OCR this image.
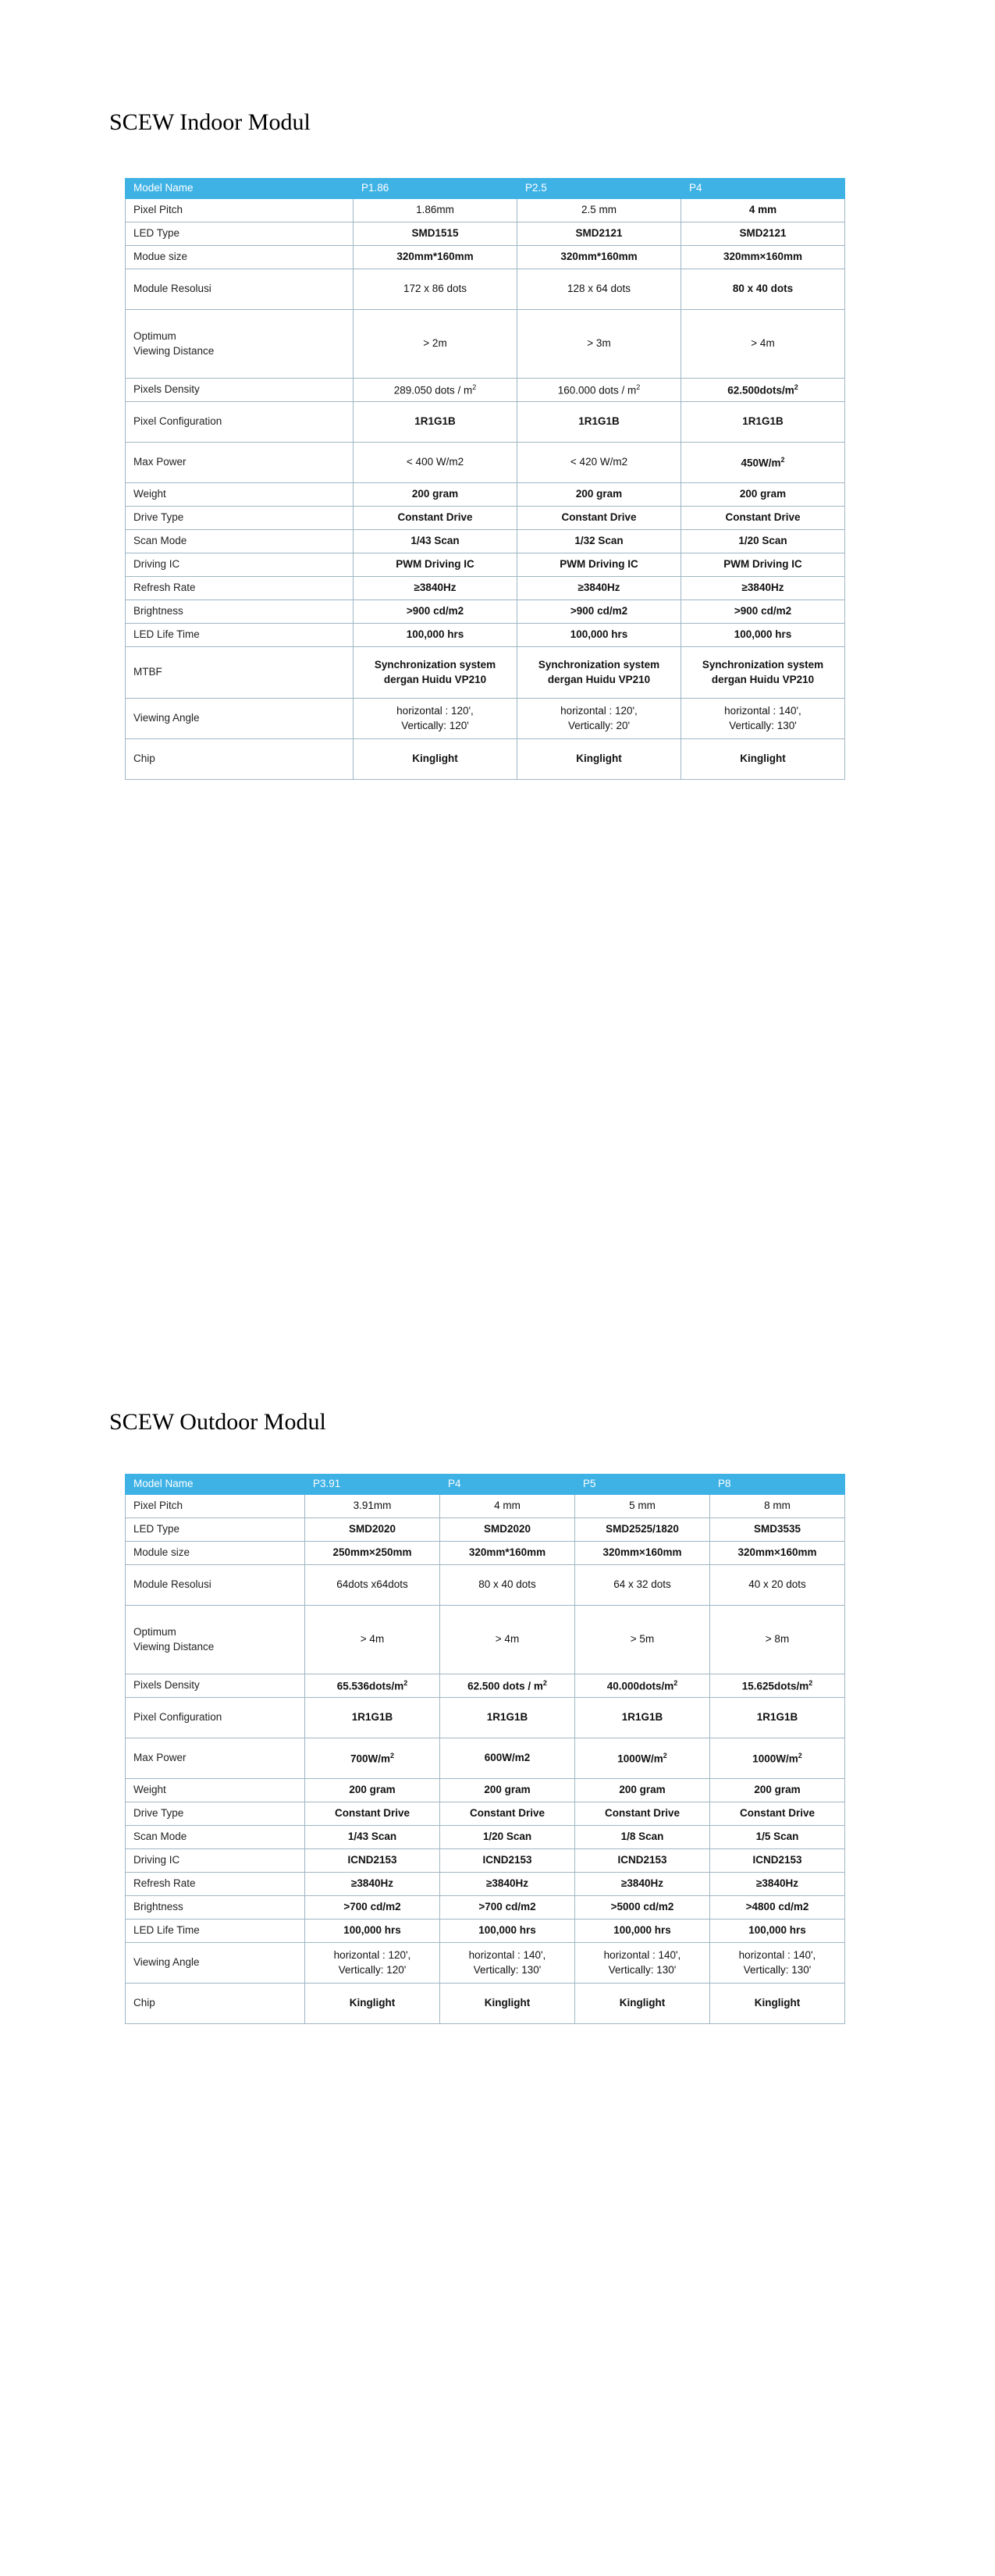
SCEW Indoor Modul
Model Name	P1.86	P2.5	P4

Pixel Pitch	1.86mm	2.5 mm	4 mm

LED Type	SMD1515	SMD2121	SMD2121

Modue size	320mm*160mm	320mm*160mm	320mm×160mm

Module Resolusi	172 x 86 dots	128 x 64 dots	80 x 40 dots

Optimum
Viewing Distance	> 2m	> 3m	> 4m

Pixels Density	289.050 dots / $m^2$	160.000 dots / $m^2$	$62.500dots/m^2$

Pixel Configuration	1R1G1B	1R1G1B	1R1G1B

Max Power	< 400 W/m2	< 420 W/m2	$450W/m^2$

Weight	200 gram	200 gram	200 gram

Drive Type	Constant Drive	Constant Drive	Constant Drive

Scan Mode	1/43 Scan	1/32 Scan	1/20 Scan

Driving IC	PWM Driving IC	PWM Driving IC	PWM Driving IC

Refresh Rate	≥3840Hz	≥3840Hz	≥3840Hz

Brightness	>900 cd/m2	>900 cd/m2	>900 cd/m2

LED Life Time	100,000 hrs	100,000 hrs	100,000 hrs

MTBF	Synchronization system dergan Huidu VP210	Synchronization system dergan Huidu VP210	Synchronization system dergan Huidu VP210

Viewing Angle	horizontal : 120',
Vertically: 120'	horizontal : 120',
Vertically: 20'	horizontal : 140',
Vertically: 130'

Chip	Kinglight	Kinglight	Kinglight
SCEW Outdoor Modul
Model Name	P3.91	P4	P5	P8

Pixel Pitch	3.91mm	4 mm	5 mm	8 mm

LED Type	SMD2020	SMD2020	SMD2525/1820	SMD3535

Module size	250mm×250mm	320mm*160mm	320mm×160mm	320mm×160mm

Module Resolusi	64dots x64dots	80 x 40 dots	64 x 32 dots	40 x 20 dots

Optimum
Viewing Distance	> 4m	> 4m	> 5m	> 8m

Pixels Density	$65.536dots/m^2$	62.500 dots / $m^2$	$40.000dots/m^2$	$15.625dots/m^2$

Pixel Configuration	1R1G1B	1R1G1B	1R1G1B	1R1G1B

Max Power	$700W/m^2$	600W/m2	$1000W/m^2$	$1000W/m^2$

Weight	200 gram	200 gram	200 gram	200 gram

Drive Type	Constant Drive	Constant Drive	Constant Drive	Constant Drive

Scan Mode	1/43 Scan	1/20 Scan	1/8 Scan	1/5 Scan

Driving IC	ICND2153	ICND2153	ICND2153	ICND2153

Refresh Rate	≥3840Hz	≥3840Hz	≥3840Hz	≥3840Hz

Brightness	>700 cd/m2	>700 cd/m2	>5000 cd/m2	>4800 cd/m2

LED Life Time	100,000 hrs	100,000 hrs	100,000 hrs	100,000 hrs

Viewing Angle	horizontal : 120',
Vertically: 120'	horizontal : 140',
Vertically: 130'	horizontal : 140',
Vertically: 130'	horizontal : 140',
Vertically: 130'

Chip	Kinglight	Kinglight	Kinglight	Kinglight
